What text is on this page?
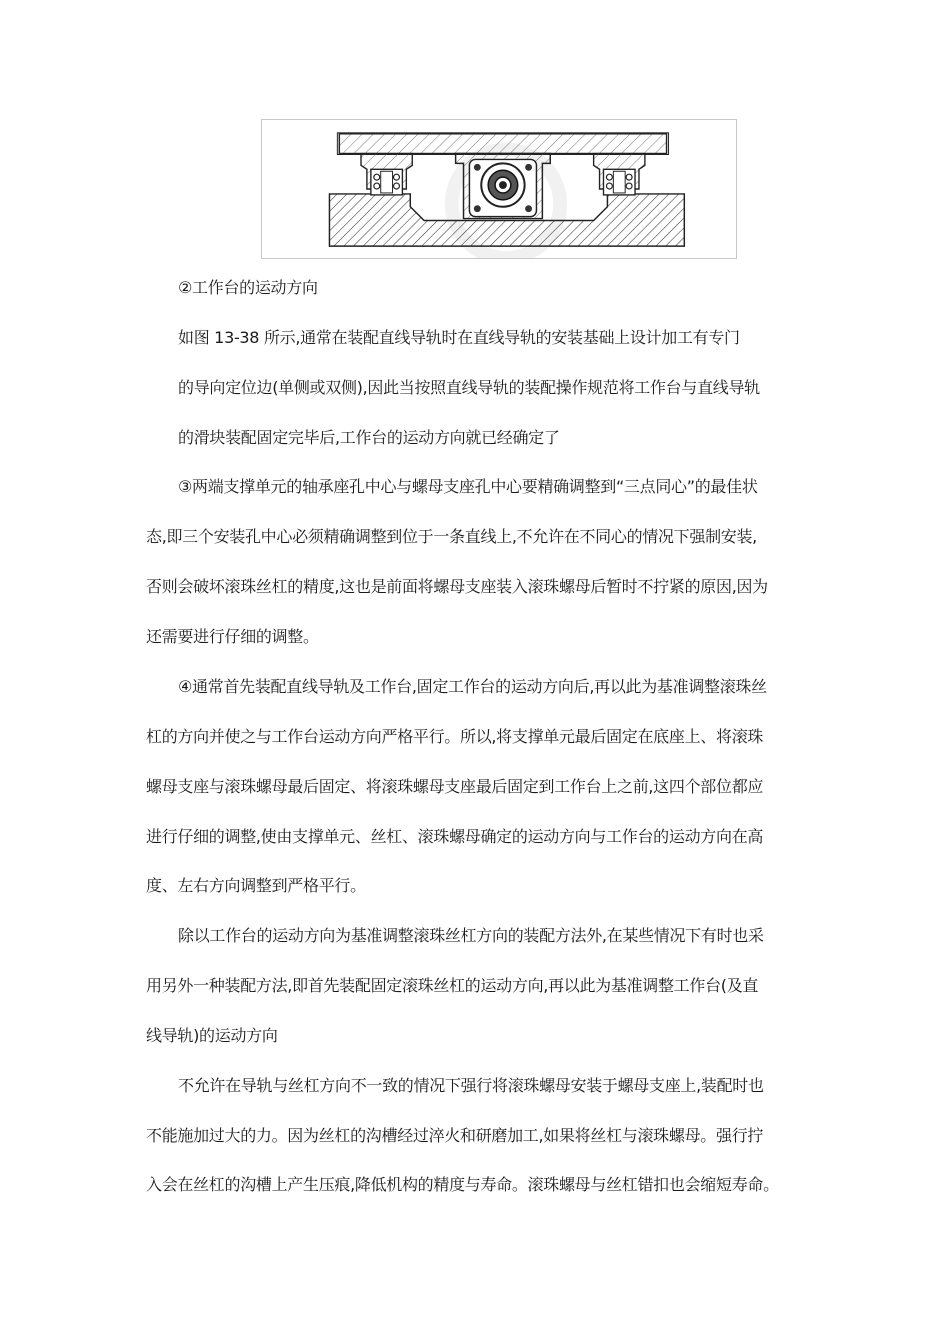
②工作台的运动方向
如图 13-38 所示,通常在装配直线导轨时在直线导轨的安装基础上设计加工有专门
的导向定位边(单侧或双侧),因此当按照直线导轨的装配操作规范将工作台与直线导轨
的滑块装配固定完毕后,工作台的运动方向就已经确定了
③两端支撑单元的轴承座孔中心与螺母支座孔中心要精确调整到“三点同心”的最佳状
态,即三个安装孔中心必须精确调整到位于一条直线上,不允许在不同心的情况下强制安装,
否则会破坏滚珠丝杠的精度,这也是前面将螺母支座装入滚珠螺母后暂时不拧紧的原因,因为
还需要进行仔细的调整。
④通常首先装配直线导轨及工作台,固定工作台的运动方向后,再以此为基准调整滚珠丝
杠的方向并使之与工作台运动方向严格平行。所以,将支撑单元最后固定在底座上、将滚珠
螺母支座与滚珠螺母最后固定、将滚珠螺母支座最后固定到工作台上之前,这四个部位都应
进行仔细的调整,使由支撑单元、丝杠、滚珠螺母确定的运动方向与工作台的运动方向在高
度、左右方向调整到严格平行。
除以工作台的运动方向为基准调整滚珠丝杠方向的装配方法外,在某些情况下有时也采
用另外一种装配方法,即首先装配固定滚珠丝杠的运动方向,再以此为基准调整工作台(及直
线导轨)的运动方向
不允许在导轨与丝杠方向不一致的情况下强行将滚珠螺母安装于螺母支座上,装配时也
不能施加过大的力。因为丝杠的沟槽经过淬火和研磨加工,如果将丝杠与滚珠螺母。强行拧
入会在丝杠的沟槽上产生压痕,降低机构的精度与寿命。滚珠螺母与丝杠错扣也会缩短寿命。
